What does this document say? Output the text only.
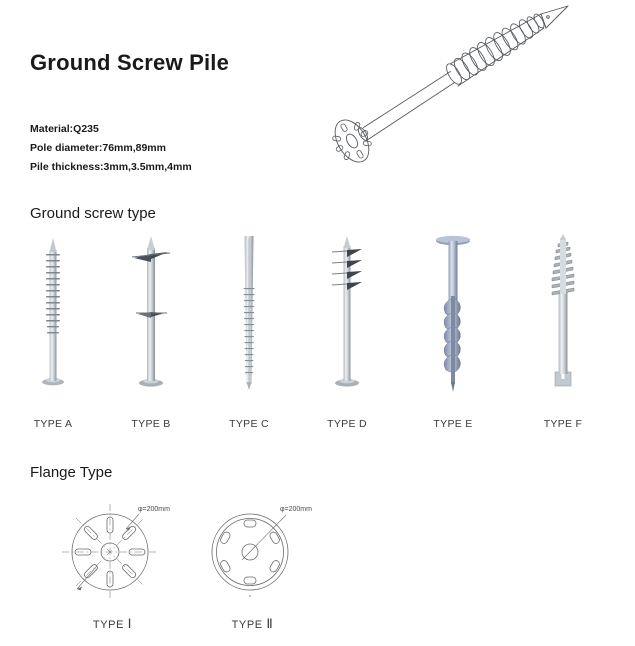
Ground Screw Pile
Material:Q235
Pole diameter:76mm,89mm
Pile thickness:3mm,3.5mm,4mm
Ground screw type
TYPE A	TYPE B	TYPE C	TYPE D	TYPE E	TYPE F
Flange Type
φ=200mm
TYPE Ⅰ
φ=200mm
TYPE Ⅱ
